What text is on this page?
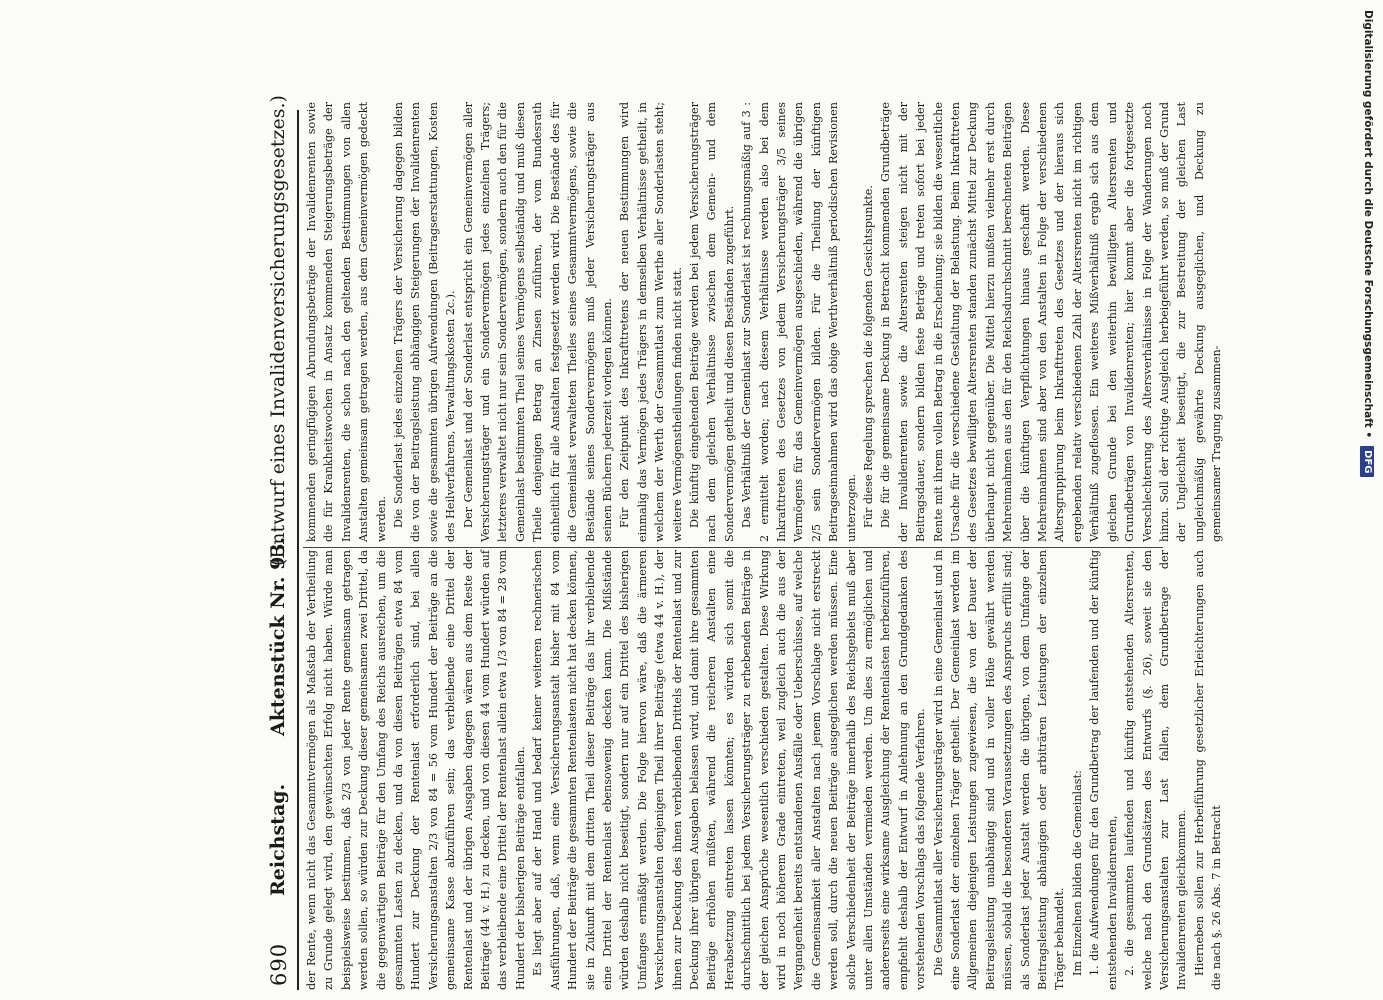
690
Reichstag.
Aktenstück Nr. 93.
(Entwurf eines Invalidenversicherungsgesetzes.)

der Rente, wenn nicht das Gesammtvermögen als Maßstab der Vertheilung zu Grunde gelegt wird, den gewünschten Erfolg nicht haben. Würde man beispielsweise bestimmen, daß 2/3 von jeder Rente gemeinsam getragen werden sollen, so würden zur Deckung dieser gemeinsamen zwei Drittel, da die gegenwärtigen Beiträge für den Umfang des Reichs ausreichen, um die gesammten Lasten zu decken, und da von diesen Beiträgen etwa 84 vom Hundert zur Deckung der Rentenlast erforderlich sind, bei allen Versicherungsanstalten 2/3 von 84 = 56 vom Hundert der Beiträge an die gemeinsame Kasse abzuführen sein; das verbleibende eine Drittel der Rentenlast und der übrigen Ausgaben dagegen wären aus dem Reste der Beiträge (44 v. H.) zu decken, und von diesen 44 vom Hundert würden auf das verbleibende eine Drittel der Rentenlast allein etwa 1/3 von 84 = 28 vom Hundert der bisherigen Beiträge entfallen. Es liegt aber auf der Hand und bedarf keiner weiteren rechnerischen Ausführungen, daß, wenn eine Versicherungsanstalt bisher mit 84 vom Hundert der Beiträge die gesammten Rentenlasten nicht hat decken können, sie in Zukunft mit dem dritten Theil dieser Beiträge das ihr verbleibende eine Drittel der Rentenlast ebensowenig decken kann. Die Mißstände würden deshalb nicht beseitigt, sondern nur auf ein Drittel des bisherigen Umfanges ermäßigt werden. Die Folge hiervon wäre, daß die ärmeren Versicherungsanstalten denjenigen Theil ihrer Beiträge (etwa 44 v. H.), der ihnen zur Deckung des ihnen verbleibenden Drittels der Rentenlast und zur Deckung ihrer übrigen Ausgaben belassen wird, und damit ihre gesammten Beiträge erhöhen müßten, während die reicheren Anstalten eine Herabsetzung eintreten lassen könnten; es würden sich somit die durchschnittlich bei jedem Versicherungsträger zu erhebenden Beiträge in der gleichen Ansprüche wesentlich verschieden gestalten. Diese Wirkung wird in noch höherem Grade eintreten, weil zugleich auch die aus der Vergangenheit bereits entstandenen Ausfälle oder Ueberschüsse, auf welche die Gemeinsamkeit aller Anstalten nach jenem Vorschlage nicht erstreckt werden soll, durch die neuen Beiträge ausgeglichen werden müssen. Eine solche Verschiedenheit der Beiträge innerhalb des Reichsgebiets muß aber unter allen Umständen vermieden werden. Um dies zu ermöglichen und andererseits eine wirksame Ausgleichung der Rentenlasten herbeizuführen, empfiehlt deshalb der Entwurf in Anlehnung an den Grundgedanken des vorstehenden Vorschlags das folgende Verfahren. Die Gesammtlast aller Versicherungsträger wird in eine Gemeinlast und in eine Sonderlast der einzelnen Träger getheilt. Der Gemeinlast werden im Allgemeinen diejenigen Leistungen zugewiesen, die von der Dauer der Beitragsleistung unabhängig sind und in voller Höhe gewährt werden müssen, sobald die besonderen Voraussetzungen des Anspruchs erfüllt sind; als Sonderlast jeder Anstalt werden die übrigen, von dem Umfange der Beitragsleistung abhängigen oder arbiträren Leistungen der einzelnen Träger behandelt. Im Einzelnen bilden die Gemeinlast: 1. die Aufwendungen für den Grundbetrag der laufenden und der künftig entstehenden Invalidenrenten, 2. die gesammten laufenden und künftig entstehenden Altersrenten, welche nach den Grundsätzen des Entwurfs (§. 26), soweit sie den Versicherungsanstalten zur Last fallen, dem Grundbetrage der Invalidenrenten gleichkommen. Hierneben sollen zur Herbeiführung gesetzlicher Erleichterungen auch die nach §. 26 Abs. 7 in Betracht

kommenden geringfügigen Abrundungsbeträge der Invalidenrenten sowie die für Krankheitswochen in Ansatz kommenden Steigerungsbeträge der Invalidenrenten, die schon nach den geltenden Bestimmungen von allen Anstalten gemeinsam getragen werden, aus dem Gemeinvermögen gedeckt werden. Die Sonderlast jedes einzelnen Trägers der Versicherung dagegen bilden die von der Beitragsleistung abhängigen Steigerungen der Invalidenrenten sowie die gesammten übrigen Aufwendungen (Beitragserstattungen, Kosten des Heilverfahrens, Verwaltungskosten 2c.). Der Gemeinlast und der Sonderlast entspricht ein Gemeinvermögen aller Versicherungsträger und ein Sondervermögen jedes einzelnen Trägers; letzteres verwaltet nicht nur sein Sondervermögen, sondern auch den für die Gemeinlast bestimmten Theil seines Vermögens selbständig und muß diesen Theile denjenigen Betrag an Zinsen zuführen, der vom Bundesrath einheitlich für alle Anstalten festgesetzt werden wird. Die Bestände des für die Gemeinlast verwalteten Theiles seines Gesammtvermögens, sowie die Bestände seines Sondervermögens muß jeder Versicherungsträger aus seinen Büchern jederzeit vorlegen können. Für den Zeitpunkt des Inkrafttretens der neuen Bestimmungen wird einmalig das Vermögen jedes Trägers in demselben Verhältnisse getheilt, in welchem der Werth der Gesammtlast zum Werthe aller Sonderlasten steht; weitere Vermögenstheilungen finden nicht statt. Die künftig eingehenden Beiträge werden bei jedem Versicherungsträger nach dem gleichen Verhältnisse zwischen dem Gemein- und dem Sondervermögen getheilt und diesen Beständen zugeführt. Das Verhältniß der Gemeinlast zur Sonderlast ist rechnungsmäßig auf 3 : 2 ermittelt worden; nach diesem Verhältnisse werden also bei dem Inkrafttreten des Gesetzes von jedem Versicherungsträger 3/5 seines Vermögens für das Gemeinvermögen ausgeschieden, während die übrigen 2/5 sein Sondervermögen bilden. Für die Theilung der künftigen Beitragseinnahmen wird das obige Werthverhältniß periodischen Revisionen unterzogen. Für diese Regelung sprechen die folgenden Gesichtspunkte. Die für die gemeinsame Deckung in Betracht kommenden Grundbeträge der Invalidenrenten sowie die Altersrenten steigen nicht mit der Beitragsdauer, sondern bilden feste Beträge und treten sofort bei jeder Rente mit ihrem vollen Betrag in die Erscheinung; sie bilden die wesentliche Ursache für die verschiedene Gestaltung der Belastung. Beim Inkrafttreten des Gesetzes bewilligten Altersrenten standen zunächst Mittel zur Deckung überhaupt nicht gegenüber. Die Mittel hierzu mußten vielmehr erst durch Mehreinnahmen aus den für den Reichsdurchschnitt berechneten Beiträgen über die künftigen Verpflichtungen hinaus geschafft werden. Diese Mehreinnahmen sind aber von den Anstalten in Folge der verschiedenen Altersgruppirung beim Inkrafttreten des Gesetzes und der hieraus sich ergebenden relativ verschiedenen Zahl der Altersrenten nicht im richtigen Verhältniß zugeflossen. Ein weiteres Mißverhältniß ergab sich aus dem gleichen Grunde bei den weiterhin bewilligten Altersrenten und Grundbeträgen von Invalidenrenten; hier kommt aber die fortgesetzte Verschlechterung des Altersverhältnisse in Folge der Wanderungen noch hinzu. Soll der richtige Ausgleich herbeigeführt werden, so muß der Grund der Ungleichheit beseitigt, die zur Bestreitung der gleichen Last ungleichmäßig gewährte Deckung ausgeglichen, und Deckung zu gemeinsamer Tragung zusammen-

Digitalisierung gefördert durch die Deutsche Forschungsgemeinschaft •DFG
